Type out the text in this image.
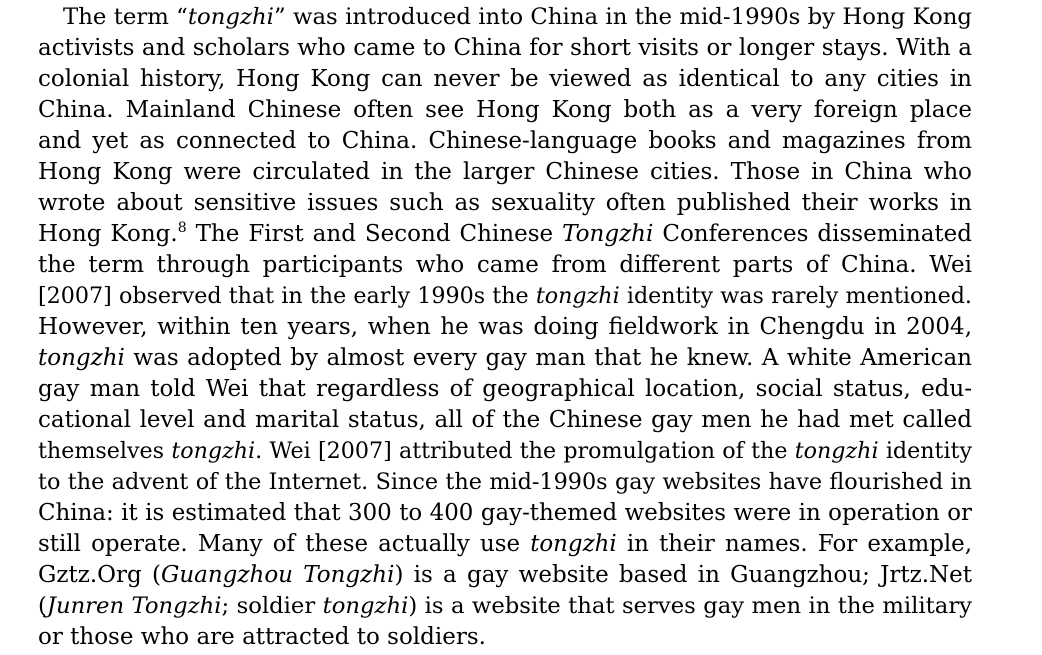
The term “tongzhi” was introduced into China in the mid-1990s by Hong Kong
activists and scholars who came to China for short visits or longer stays. With a
colonial history, Hong Kong can never be viewed as identical to any cities in
China. Mainland Chinese often see Hong Kong both as a very foreign place
and yet as connected to China. Chinese-language books and magazines from
Hong Kong were circulated in the larger Chinese cities. Those in China who
wrote about sensitive issues such as sexuality often published their works in
Hong Kong.$^8$ The First and Second Chinese Tongzhi Conferences disseminated
the term through participants who came from different parts of China. Wei
[2007] observed that in the early 1990s the tongzhi identity was rarely mentioned.
However, within ten years, when he was doing fieldwork in Chengdu in 2004,
tongzhi was adopted by almost every gay man that he knew. A white American
gay man told Wei that regardless of geographical location, social status, edu-
cational level and marital status, all of the Chinese gay men he had met called
themselves tongzhi. Wei [2007] attributed the promulgation of the tongzhi identity
to the advent of the Internet. Since the mid-1990s gay websites have flourished in
China: it is estimated that 300 to 400 gay-themed websites were in operation or
still operate. Many of these actually use tongzhi in their names. For example,
Gztz.Org (Guangzhou Tongzhi) is a gay website based in Guangzhou; Jrtz.Net
(Junren Tongzhi; soldier tongzhi) is a website that serves gay men in the military
or those who are attracted to soldiers.
